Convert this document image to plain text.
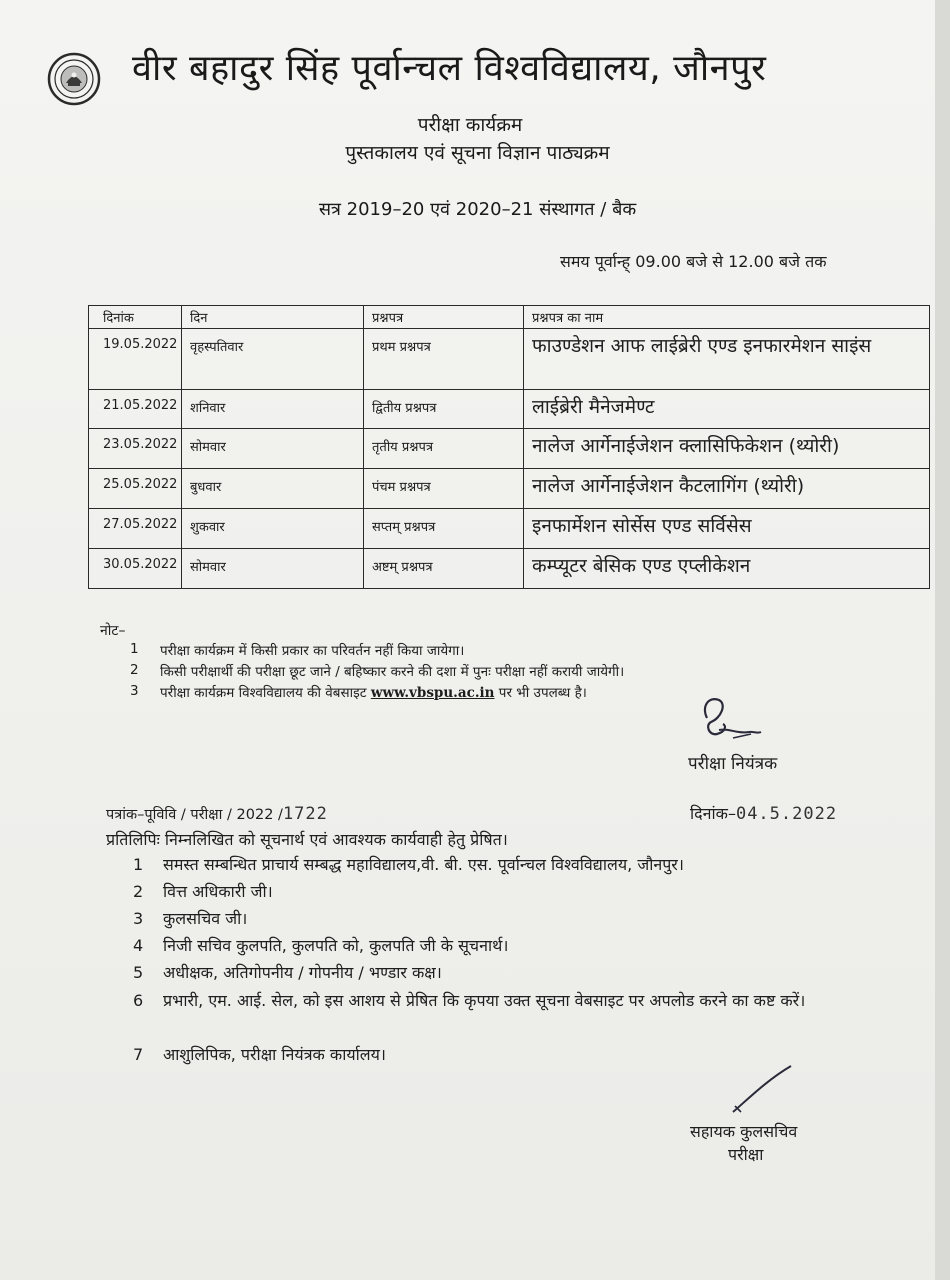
वीर बहादुर सिंह पूर्वान्चल विश्वविद्यालय, जौनपुर
परीक्षा कार्यक्रम
पुस्तकालय एवं सूचना विज्ञान पाठ्यक्रम
सत्र 2019–20 एवं 2020–21 संस्थागत / बैक
समय पूर्वान्ह् 09.00 बजे से 12.00 बजे तक
दिनांक	दिन	प्रश्नपत्र	प्रश्नपत्र का नाम
19.05.2022	वृहस्पतिवार	प्रथम प्रश्नपत्र	फाउण्डेशन आफ लाईब्रेरी एण्ड इनफारमेशन साइंस
21.05.2022	शनिवार	द्वितीय प्रश्नपत्र	लाईब्रेरी मैनेजमेण्ट
23.05.2022	सोमवार	तृतीय प्रश्नपत्र	नालेज आर्गेनाईजेशन क्लासिफिकेशन (थ्योरी)
25.05.2022	बुधवार	पंचम प्रश्नपत्र	नालेज आर्गेनाईजेशन कैटलागिंग (थ्योरी)
27.05.2022	शुकवार	सप्तम् प्रश्नपत्र	इनफार्मेशन सोर्सेस एण्ड सर्विसेस
30.05.2022	सोमवार	अष्टम् प्रश्नपत्र	कम्प्यूटर बेसिक एण्ड एप्लीकेशन
नोट–
1	परीक्षा कार्यक्रम में किसी प्रकार का परिवर्तन नहीं किया जायेगा।
2	किसी परीक्षार्थी की परीक्षा छूट जाने / बहिष्कार करने की दशा में पुनः परीक्षा नहीं करायी जायेगी।
3	परीक्षा कार्यक्रम विश्वविद्यालय की वेबसाइट www.vbspu.ac.in पर भी उपलब्ध है।
परीक्षा नियंत्रक
पत्रांक–पूविवि / परीक्षा / 2022 /1722	दिनांक–04.5.2022
प्रतिलिपिः निम्नलिखित को सूचनार्थ एवं आवश्यक कार्यवाही हेतु प्रेषित।
1	समस्त सम्बन्धित प्राचार्य सम्बद्ध महाविद्यालय,वी. बी. एस. पूर्वान्चल विश्वविद्यालय, जौनपुर।
2	वित्त अधिकारी जी।
3	कुलसचिव जी।
4	निजी सचिव कुलपति, कुलपति को, कुलपति जी के सूचनार्थ।
5	अधीक्षक, अतिगोपनीय / गोपनीय / भण्डार कक्ष।
6	प्रभारी, एम. आई. सेल, को इस आशय से प्रेषित कि कृपया उक्त सूचना वेबसाइट पर अपलोड करने का कष्ट करें।
7	आशुलिपिक, परीक्षा नियंत्रक कार्यालय।
सहायक कुलसचिव
परीक्षा
